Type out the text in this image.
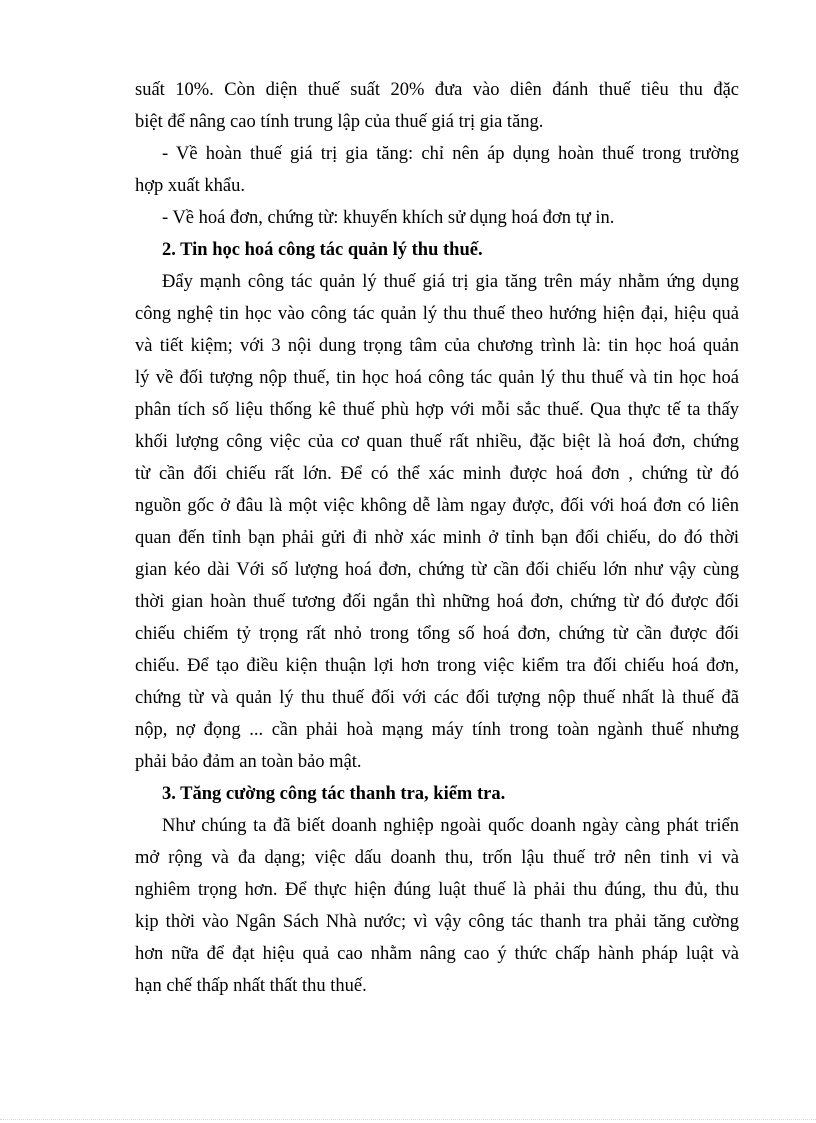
suất 10%. Còn diện thuế suất 20% đưa vào diên đánh thuế tiêu thu đặc
biệt để nâng cao tính trung lập của thuế giá trị gia tăng.
- Về hoàn thuế giá trị gia tăng: chỉ nên áp dụng hoàn thuế trong trường
hợp xuất khẩu.
- Về hoá đơn, chứng từ: khuyến khích sử dụng hoá đơn tự in.
2. Tin học hoá công tác quản lý thu thuế.
Đẩy mạnh công tác quản lý thuế giá trị gia tăng trên máy nhằm ứng dụng
công nghệ tin học vào công tác quản lý thu thuế theo hướng hiện đại, hiệu quả
và tiết kiệm; với 3 nội dung trọng tâm của chương trình là: tin học hoá quản
lý về đối tượng nộp thuế, tin học hoá công tác quản lý thu thuế và tin học hoá
phân tích số liệu thống kê thuế phù hợp với mỗi sắc thuế. Qua thực tế ta thấy
khối lượng công việc của cơ quan thuế rất nhiều, đặc biệt là hoá đơn, chứng
từ cần đối chiếu rất lớn. Để có thể xác minh được hoá đơn , chứng từ đó
nguồn gốc ở đâu là một việc không dễ làm ngay được, đối với hoá đơn có liên
quan đến tỉnh bạn phải gửi đi nhờ xác minh ở tỉnh bạn đối chiếu, do đó thời
gian kéo dài Với số lượng hoá đơn, chứng từ cần đối chiếu lớn như vậy cùng
thời gian hoàn thuế tương đối ngắn thì những hoá đơn, chứng từ đó được đối
chiếu chiếm tỷ trọng rất nhỏ trong tổng số hoá đơn, chứng từ cần được đối
chiếu. Để tạo điều kiện thuận lợi hơn trong việc kiểm tra đối chiếu hoá đơn,
chứng từ và quản lý thu thuế đối với các đối tượng nộp thuế nhất là thuế đã
nộp, nợ đọng ... cần phải hoà mạng máy tính trong toàn ngành thuế nhưng
phải bảo đảm an toàn bảo mật.
3. Tăng cường công tác thanh tra, kiểm tra.
Như chúng ta đã biết doanh nghiệp ngoài quốc doanh ngày càng phát triển
mở rộng và đa dạng; việc dấu doanh thu, trốn lậu thuế trở nên tinh vi và
nghiêm trọng hơn. Để thực hiện đúng luật thuế là phải thu đúng, thu đủ, thu
kịp thời vào Ngân Sách Nhà nước; vì vậy công tác thanh tra phải tăng cường
hơn nữa để đạt hiệu quả cao nhằm nâng cao ý thức chấp hành pháp luật và
hạn chế thấp nhất thất thu thuế.
